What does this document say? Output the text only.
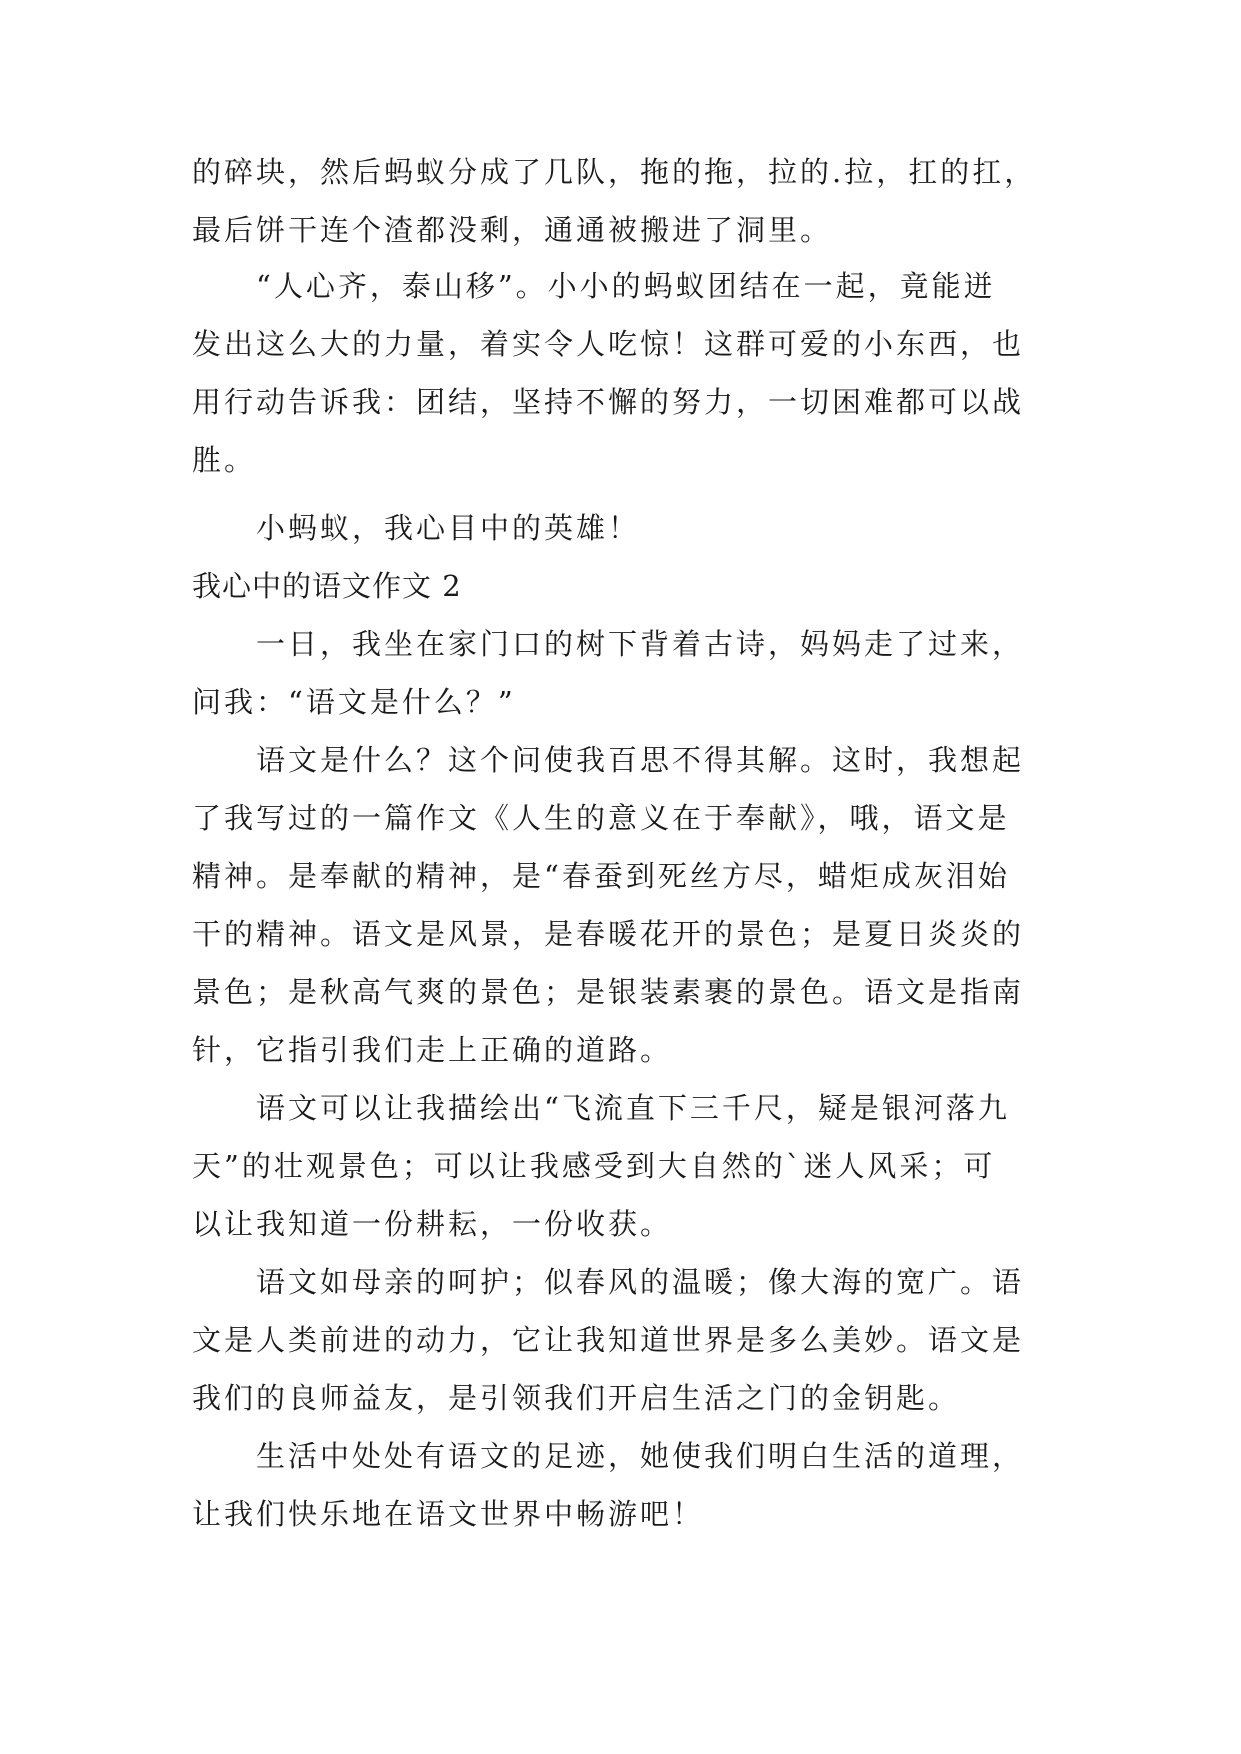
的碎块，然后蚂蚁分成了几队，拖的拖，拉的.拉，扛的扛，
最后饼干连个渣都没剩，通通被搬进了洞里。
“人心齐，泰山移”。小小的蚂蚁团结在一起，竟能迸
发出这么大的力量，着实令人吃惊！这群可爱的小东西，也
用行动告诉我：团结，坚持不懈的努力，一切困难都可以战
胜。
小蚂蚁，我心目中的英雄！
我心中的语文作文 2
一日，我坐在家门口的树下背着古诗，妈妈走了过来，
问我：“语文是什么？”
语文是什么？这个问使我百思不得其解。这时，我想起
了我写过的一篇作文《人生的意义在于奉献》，哦，语文是
精神。是奉献的精神，是“春蚕到死丝方尽，蜡炬成灰泪始
干的精神。语文是风景，是春暖花开的景色；是夏日炎炎的
景色；是秋高气爽的景色；是银装素裹的景色。语文是指南
针，它指引我们走上正确的道路。
语文可以让我描绘出“飞流直下三千尺，疑是银河落九
天”的壮观景色；可以让我感受到大自然的`迷人风采；可
以让我知道一份耕耘，一份收获。
语文如母亲的呵护；似春风的温暖；像大海的宽广。语
文是人类前进的动力，它让我知道世界是多么美妙。语文是
我们的良师益友，是引领我们开启生活之门的金钥匙。
生活中处处有语文的足迹，她使我们明白生活的道理，
让我们快乐地在语文世界中畅游吧！
